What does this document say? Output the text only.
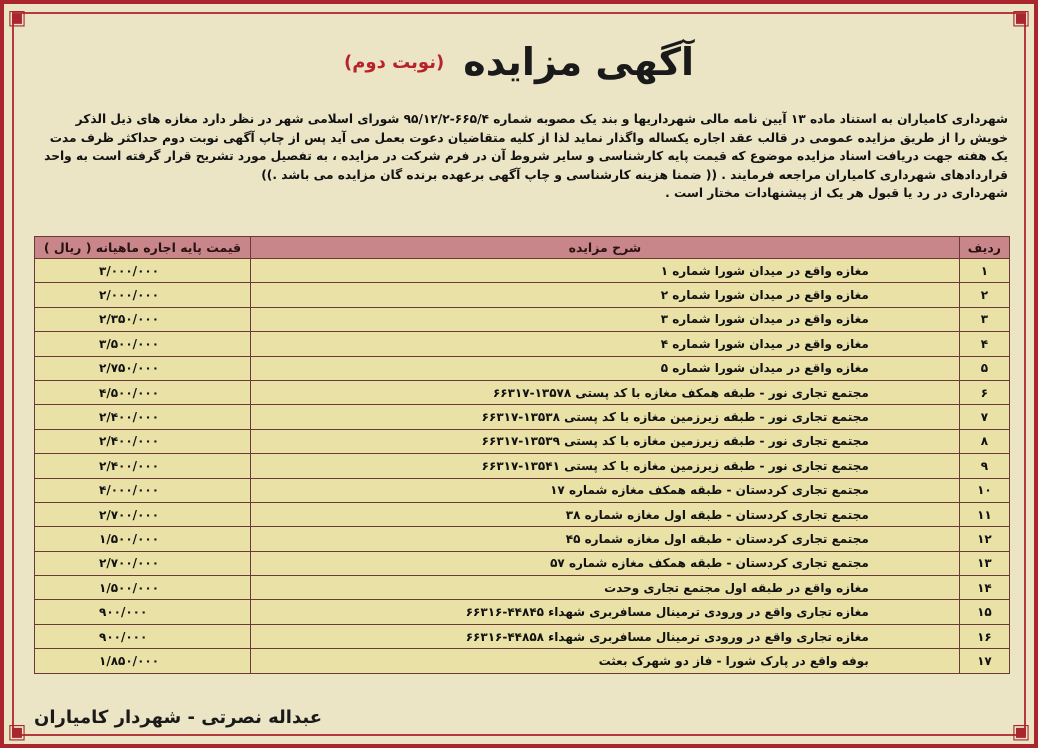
▣	▣
▣	▣
آگهی مزایده (نوبت دوم)

شهرداری کامیاران به استناد ماده ۱۳ آیین نامه مالی شهرداریها و بند یک مصوبه شماره ۶۶۵/۴-۹۵/۱۲/۲ شورای اسلامی شهر در نظر دارد مغازه های ذیل الذکر

خویش را از طریق مزایده عمومی در قالب عقد اجاره یکساله واگذار نماید لذا از کلیه متقاضیان دعوت بعمل می آید پس از چاپ آگهی نوبت دوم حداکثر ظرف مدت

یک هفته جهت دریافت اسناد مزایده موضوع که قیمت پایه کارشناسی و سایر شروط آن در فرم شرکت در مزایده ، به تفصیل مورد تشریح قرار گرفته است به واحد

قراردادهای شهرداری کامیاران مراجعه فرمایند . (( ضمنا هزینه کارشناسی و چاپ آگهی برعهده برنده گان مزایده می باشد .))

شهرداری در رد یا قبول هر یک از پیشنهادات مختار است .

ردیف	شرح مزایده	قیمت پایه اجاره ماهیانه ( ریال )
۱	مغازه واقع در میدان شورا شماره ۱	۳/۰۰۰/۰۰۰
۲	مغازه واقع در میدان شورا شماره ۲	۲/۰۰۰/۰۰۰
۳	مغازه واقع در میدان شورا شماره ۳	۲/۳۵۰/۰۰۰
۴	مغازه واقع در میدان شورا شماره ۴	۳/۵۰۰/۰۰۰
۵	مغازه واقع در میدان شورا شماره ۵	۲/۷۵۰/۰۰۰
۶	مجتمع تجاری نور - طبقه همکف مغازه با کد پستی ۱۳۵۷۸-۶۶۳۱۷	۴/۵۰۰/۰۰۰
۷	مجتمع تجاری نور - طبقه زیرزمین مغازه با کد پستی ۱۳۵۳۸-۶۶۳۱۷	۲/۴۰۰/۰۰۰
۸	مجتمع تجاری نور - طبقه زیرزمین مغازه با کد پستی ۱۳۵۳۹-۶۶۳۱۷	۲/۴۰۰/۰۰۰
۹	مجتمع تجاری نور - طبقه زیرزمین مغازه با کد پستی ۱۳۵۴۱-۶۶۳۱۷	۲/۴۰۰/۰۰۰
۱۰	مجتمع تجاری کردستان - طبقه همکف مغازه شماره ۱۷	۴/۰۰۰/۰۰۰
۱۱	مجتمع تجاری کردستان - طبقه اول مغازه شماره ۳۸	۲/۷۰۰/۰۰۰
۱۲	مجتمع تجاری کردستان - طبقه اول مغازه شماره ۴۵	۱/۵۰۰/۰۰۰
۱۳	مجتمع تجاری کردستان - طبقه همکف مغازه شماره ۵۷	۲/۷۰۰/۰۰۰
۱۴	مغازه واقع در طبقه اول مجتمع تجاری وحدت	۱/۵۰۰/۰۰۰
۱۵	مغازه تجاری واقع در ورودی ترمینال مسافربری شهداء ۴۴۸۴۵-۶۶۳۱۶	۹۰۰/۰۰۰
۱۶	مغازه تجاری واقع در ورودی ترمینال مسافربری شهداء ۴۴۸۵۸-۶۶۳۱۶	۹۰۰/۰۰۰
۱۷	بوفه واقع در پارک شورا - فاز دو شهرک بعثت	۱/۸۵۰/۰۰۰
عبداله نصرتی - شهردار کامیاران
